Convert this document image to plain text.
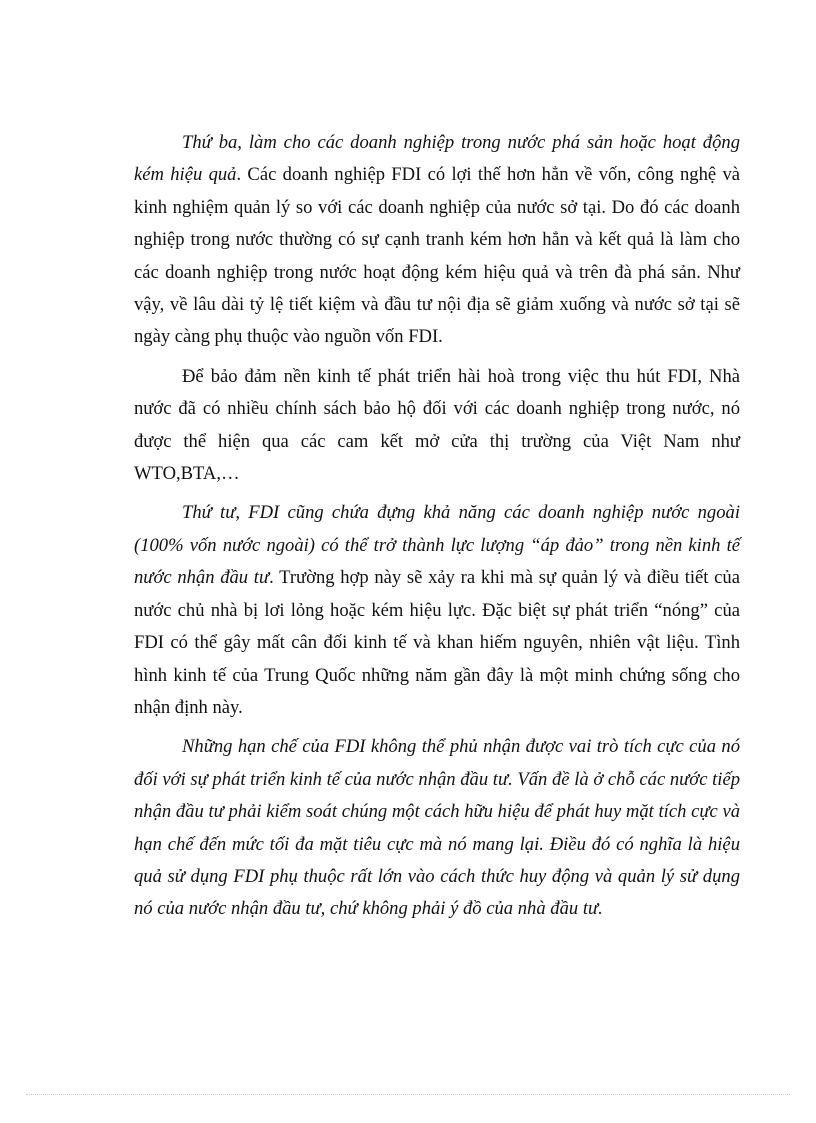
Thứ ba, làm cho các doanh nghiệp trong nước phá sản hoặc hoạt động kém hiệu quả. Các doanh nghiệp FDI có lợi thế hơn hẳn về vốn, công nghệ và kinh nghiệm quản lý so với các doanh nghiệp của nước sở tại. Do đó các doanh nghiệp trong nước thường có sự cạnh tranh kém hơn hẳn và kết quả là làm cho các doanh nghiệp trong nước hoạt động kém hiệu quả và trên đà phá sản. Như vậy, về lâu dài tỷ lệ tiết kiệm và đầu tư nội địa sẽ giảm xuống và nước sở tại sẽ ngày càng phụ thuộc vào nguồn vốn FDI.

Để bảo đảm nền kinh tế phát triển hài hoà trong việc thu hút FDI, Nhà nước đã có nhiều chính sách bảo hộ đối với các doanh nghiệp trong nước, nó được thể hiện qua các cam kết mở cửa thị trường của Việt Nam như WTO,BTA,…

Thứ tư, FDI cũng chứa đựng khả năng các doanh nghiệp nước ngoài (100% vốn nước ngoài) có thể trở thành lực lượng “áp đảo” trong nền kinh tế nước nhận đầu tư. Trường hợp này sẽ xảy ra khi mà sự quản lý và điều tiết của nước chủ nhà bị lơi lỏng hoặc kém hiệu lực. Đặc biệt sự phát triển “nóng” của FDI có thể gây mất cân đối kinh tế và khan hiếm nguyên, nhiên vật liệu. Tình hình kinh tế của Trung Quốc những năm gần đây là một minh chứng sống cho nhận định này.

Những hạn chế của FDI không thể phủ nhận được vai trò tích cực của nó đối với sự phát triển kinh tế của nước nhận đầu tư. Vấn đề là ở chỗ các nước tiếp nhận đầu tư phải kiểm soát chúng một cách hữu hiệu để phát huy mặt tích cực và hạn chế đến mức tối đa mặt tiêu cực mà nó mang lại. Điều đó có nghĩa là hiệu quả sử dụng FDI phụ thuộc rất lớn vào cách thức huy động và quản lý sử dụng nó của nước nhận đầu tư, chứ không phải ý đồ của nhà đầu tư.
